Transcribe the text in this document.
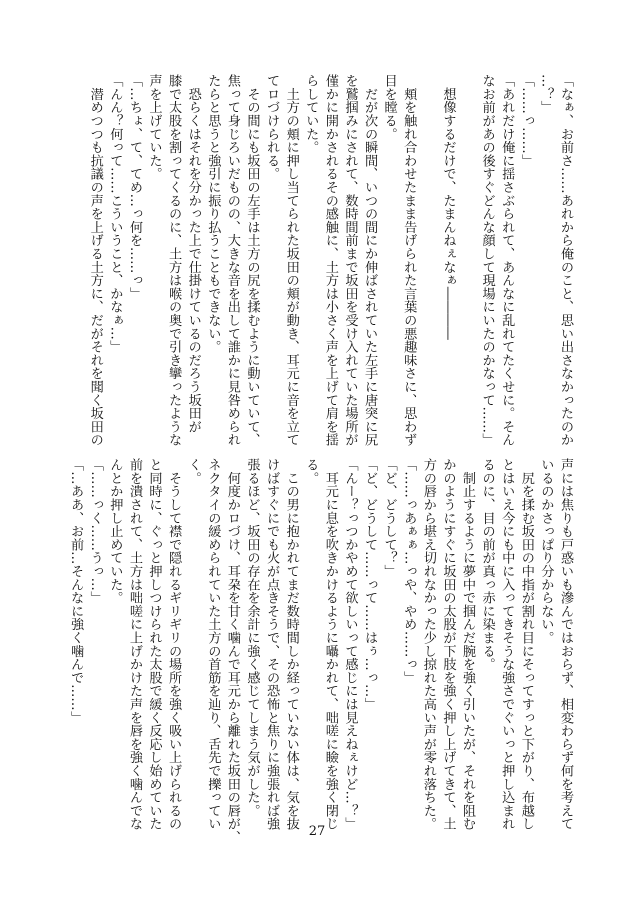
「なぁ、お前さ……あれから俺のこと、思い出さなかったのか
…？」
「……っ……」
「あれだけ俺に揺さぶられて、あんなに乱れてたくせに。そん
なお前があの後すぐどんな顔して現場にいたのかなって……」

　想像するだけで、たまんねぇなぁ――――

　頬を触れ合わせたまま告げられた言葉の悪趣味さに、思わず
目を瞠る。
　だが次の瞬間、いつの間にか伸ばされていた左手に唐突に尻
を鷲掴みにされて、数時間前まで坂田を受け入れていた場所が
僅かに開かされるその感触に、土方は小さく声を上げて肩を揺
らしていた。
　土方の頬に押し当てられた坂田の頬が動き、耳元に音を立て
てロづけられる。
　その間にも坂田の左手は土方の尻を揉むように動いていて、
焦って身じろいだものの、大きな音を出して誰かに見咎められ
たらと思うと強引に振り払うこともできない。
　恐らくはそれを分かった上で仕掛けているのだろう坂田が
膝で太股を割ってくるのに、土方は喉の奥で引き攣ったような
声を上げていた。
「…ちょ、て、てめ…っ何を……っ」
「んん？何って……こういうこと、かなぁ…」
　潜めつつも抗議の声を上げる土方に、だがそれを聞く坂田の
声には焦りも戸惑いも滲んではおらず、相変わらず何を考えて
いるのかさっぱり分からない。
　尻を揉む坂田の中指が割れ目にそってすっと下がり、布越し
とはいえ今にも中に入ってきそうな強さでぐいっと押し込まれ
るのに、目の前が真っ赤に染まる。
　制止するように夢中で掴んだ腕を強く引いたが、それを阻む
かのようにすぐに坂田の太股が下肢を強く押し上げてきて、土
方の唇から堪え切れなかった少し掠れた高い声が零れ落ちた。
「……っあぁぁ…っや、やめ……っ」
「ど、どうして？」
「ど、どうして……って……はぅ…っ…」
「んー？っつかやめて欲しいって感じには見えねぇけど…？」
　耳元に息を吹きかけるように囁かれて、咄嗟に瞼を強く閉じ
る。
　この男に抱かれてまだ数時間しか経っていない体は、気を抜
けばすぐにでも火が点きそうで、その恐怖と焦りに強張れば強
張るほど、坂田の存在を余計に強く感じてしまう気がした。
　何度かロづけ、耳朶を甘く噛んで耳元から離れた坂田の唇が、
ネクタイの緩められていた土方の首筋を辿り、舌先で擽ってい
く。
　そうして襟で隠れるギリギリの場所を強く吸い上げられるの
と同時に、ぐっと押しつけられた太股で緩く反応し始めていた
前を潰されて、土方は咄嗟に上げかけた声を唇を強く噛んでな
んとか押し止めていた。
「……っく……うっ…」
「…ああ、お前…そんなに強く噛んで……」
27
